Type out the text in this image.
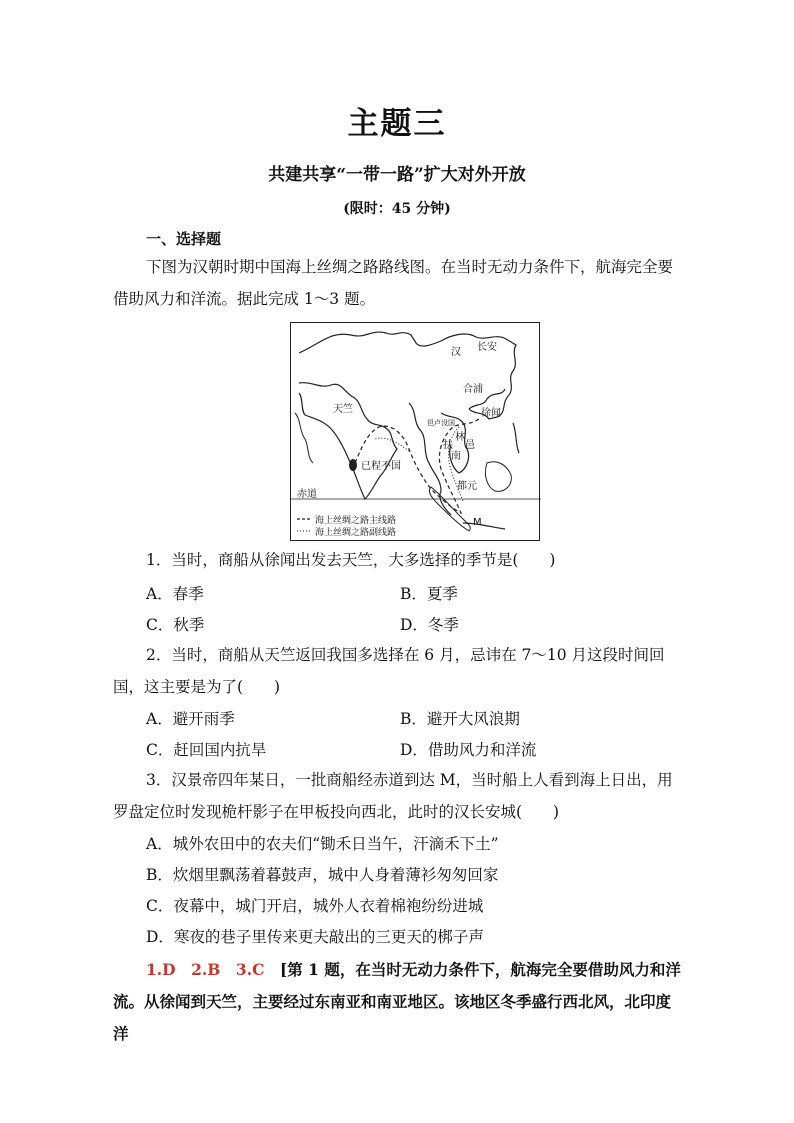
主题三
共建共享“一带一路”扩大对外开放
(限时：45 分钟)
一、选择题
下图为汉朝时期中国海上丝绸之路路线图。在当时无动力条件下，航海完全要借助风力和洋流。据此完成 1～3 题。
汉 长安
合浦
徐闻
天竺
邑卢没国
林
邑
扶
南
已程不国
都元
赤道
M
海上丝绸之路主线路
海上丝绸之路副线路
1．当时，商船从徐闻出发去天竺，大多选择的季节是(　　)
A．春季	B．夏季
C．秋季	D．冬季
2．当时，商船从天竺返回我国多选择在 6 月，忌讳在 7～10 月这段时间回国，这主要是为了(　　)
A．避开雨季	B．避开大风浪期
C．赶回国内抗旱	D．借助风力和洋流
3．汉景帝四年某日，一批商船经赤道到达 M，当时船上人看到海上日出，用罗盘定位时发现桅杆影子在甲板投向西北，此时的汉长安城(　　)
A．城外农田中的农夫们“锄禾日当午，汗滴禾下土”
B．炊烟里飘荡着暮鼓声，城中人身着薄衫匆匆回家
C．夜幕中，城门开启，城外人衣着棉袍纷纷进城
D．寒夜的巷子里传来更夫敲出的三更天的梆子声
1.D　2.B　3.C　 [第 1 题，在当时无动力条件下，航海完全要借助风力和洋流。从徐闻到天竺，主要经过东南亚和南亚地区。该地区冬季盛行西北风，北印度洋
